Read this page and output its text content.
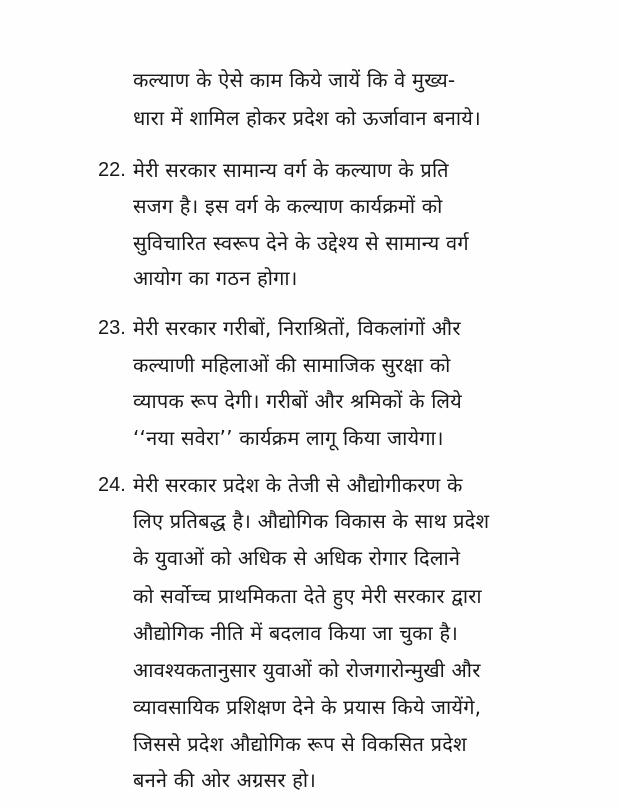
कल्याण के ऐसे काम किये जायें कि वे मुख्य-
धारा में शामिल होकर प्रदेश को ऊर्जावान बनाये।
22. मेरी सरकार सामान्य वर्ग के कल्याण के प्रति
सजग है। इस वर्ग के कल्याण कार्यक्रमों को
सुविचारित स्वरूप देने के उद्देश्य से सामान्य वर्ग
आयोग का गठन होगा।
23. मेरी सरकार गरीबों, निराश्रितों, विकलांगों और
कल्याणी महिलाओं की सामाजिक सुरक्षा को
व्यापक रूप देगी। गरीबों और श्रमिकों के लिये
‘‘नया सवेरा’’ कार्यक्रम लागू किया जायेगा।
24. मेरी सरकार प्रदेश के तेजी से औद्योगीकरण के
लिए प्रतिबद्ध है। औद्योगिक विकास के साथ प्रदेश
के युवाओं को अधिक से अधिक रोगार दिलाने
को सर्वोच्च प्राथमिकता देते हुए मेरी सरकार द्वारा
औद्योगिक नीति में बदलाव किया जा चुका है।
आवश्यकतानुसार युवाओं को रोजगारोन्मुखी और
व्यावसायिक प्रशिक्षण देने के प्रयास किये जायेंगे,
जिससे प्रदेश औद्योगिक रूप से विकसित प्रदेश
बनने की ओर अग्रसर हो।
